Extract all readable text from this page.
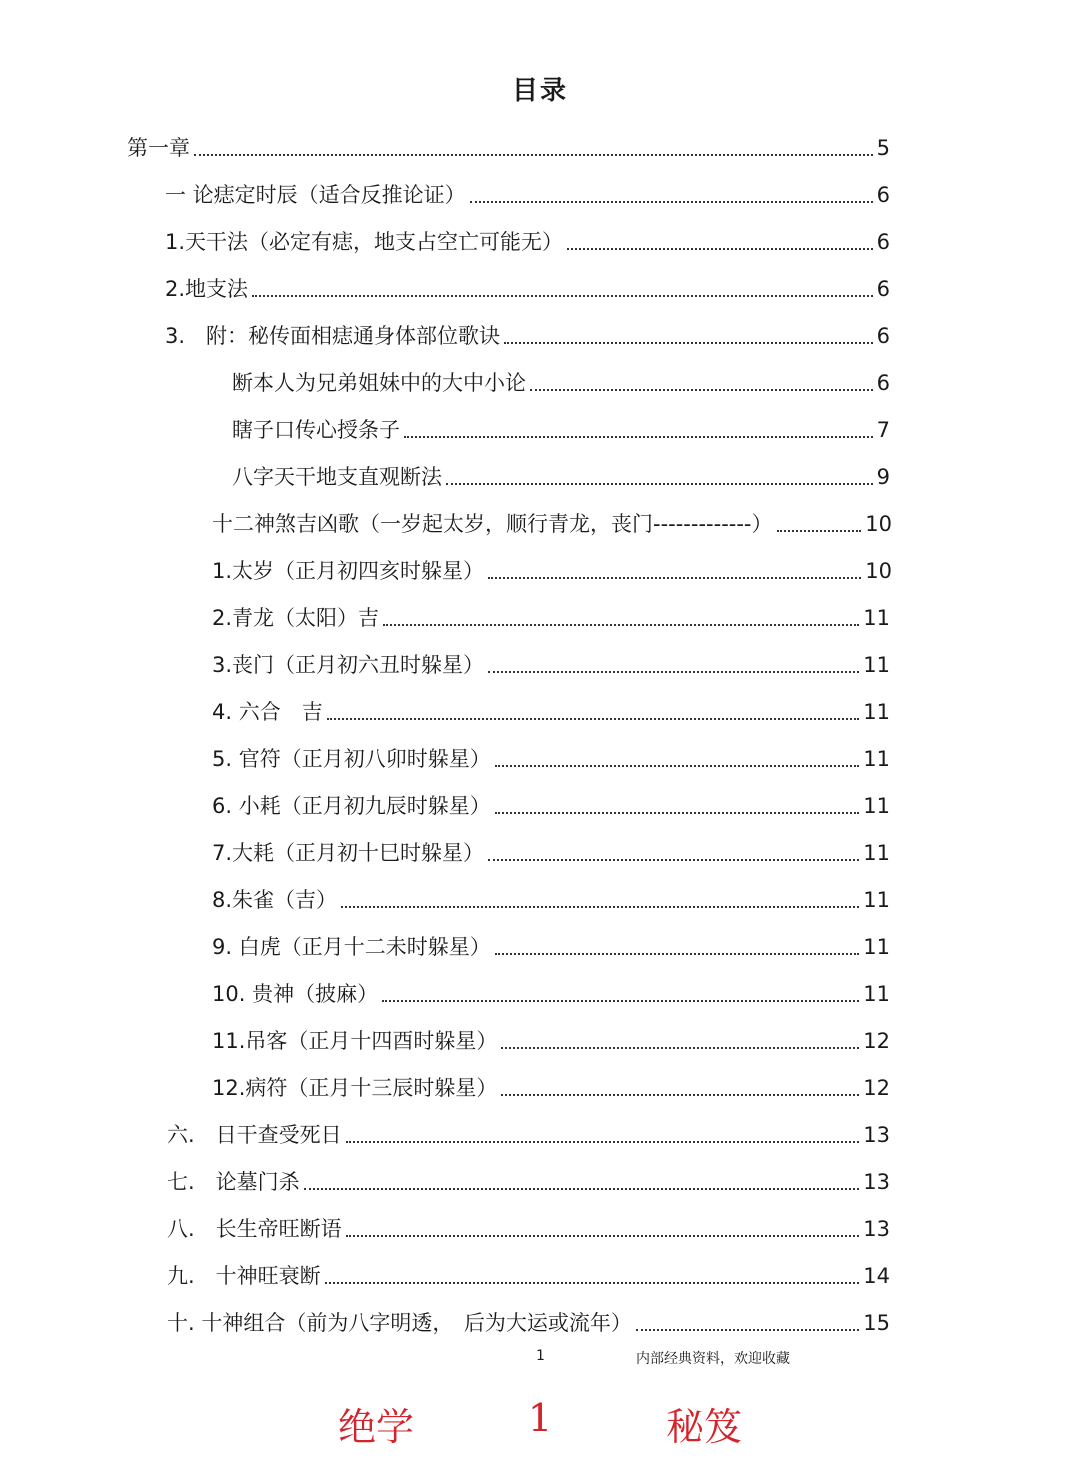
目录
第一章	5
一 论痣定时辰（适合反推论证）	6
1.天干法（必定有痣，地支占空亡可能无）	6
2.地支法	6
3.　附：秘传面相痣通身体部位歌诀	6
断本人为兄弟姐妹中的大中小论	6
瞎子口传心授条子	7
八字天干地支直观断法	9
十二神煞吉凶歌（一岁起太岁，顺行青龙，丧门-------------）	10
1.太岁（正月初四亥时躲星）	10
2.青龙（太阳）吉	11
3.丧门（正月初六丑时躲星）	11
4. 六合　吉	11
5. 官符（正月初八卯时躲星）	11
6. 小耗（正月初九辰时躲星）	11
7.大耗（正月初十巳时躲星）	11
8.朱雀（吉）	11
9. 白虎（正月十二未时躲星）	11
10. 贵神（披麻）	11
11.吊客（正月十四酉时躲星）	12
12.病符（正月十三辰时躲星）	12
六.　日干查受死日	13
七.　论墓门杀	13
八.　长生帝旺断语	13
九.　十神旺衰断	14
十. 十神组合（前为八字明透，　后为大运或流年）	15
1	内部经典资料，欢迎收藏
绝学	1	秘笈
